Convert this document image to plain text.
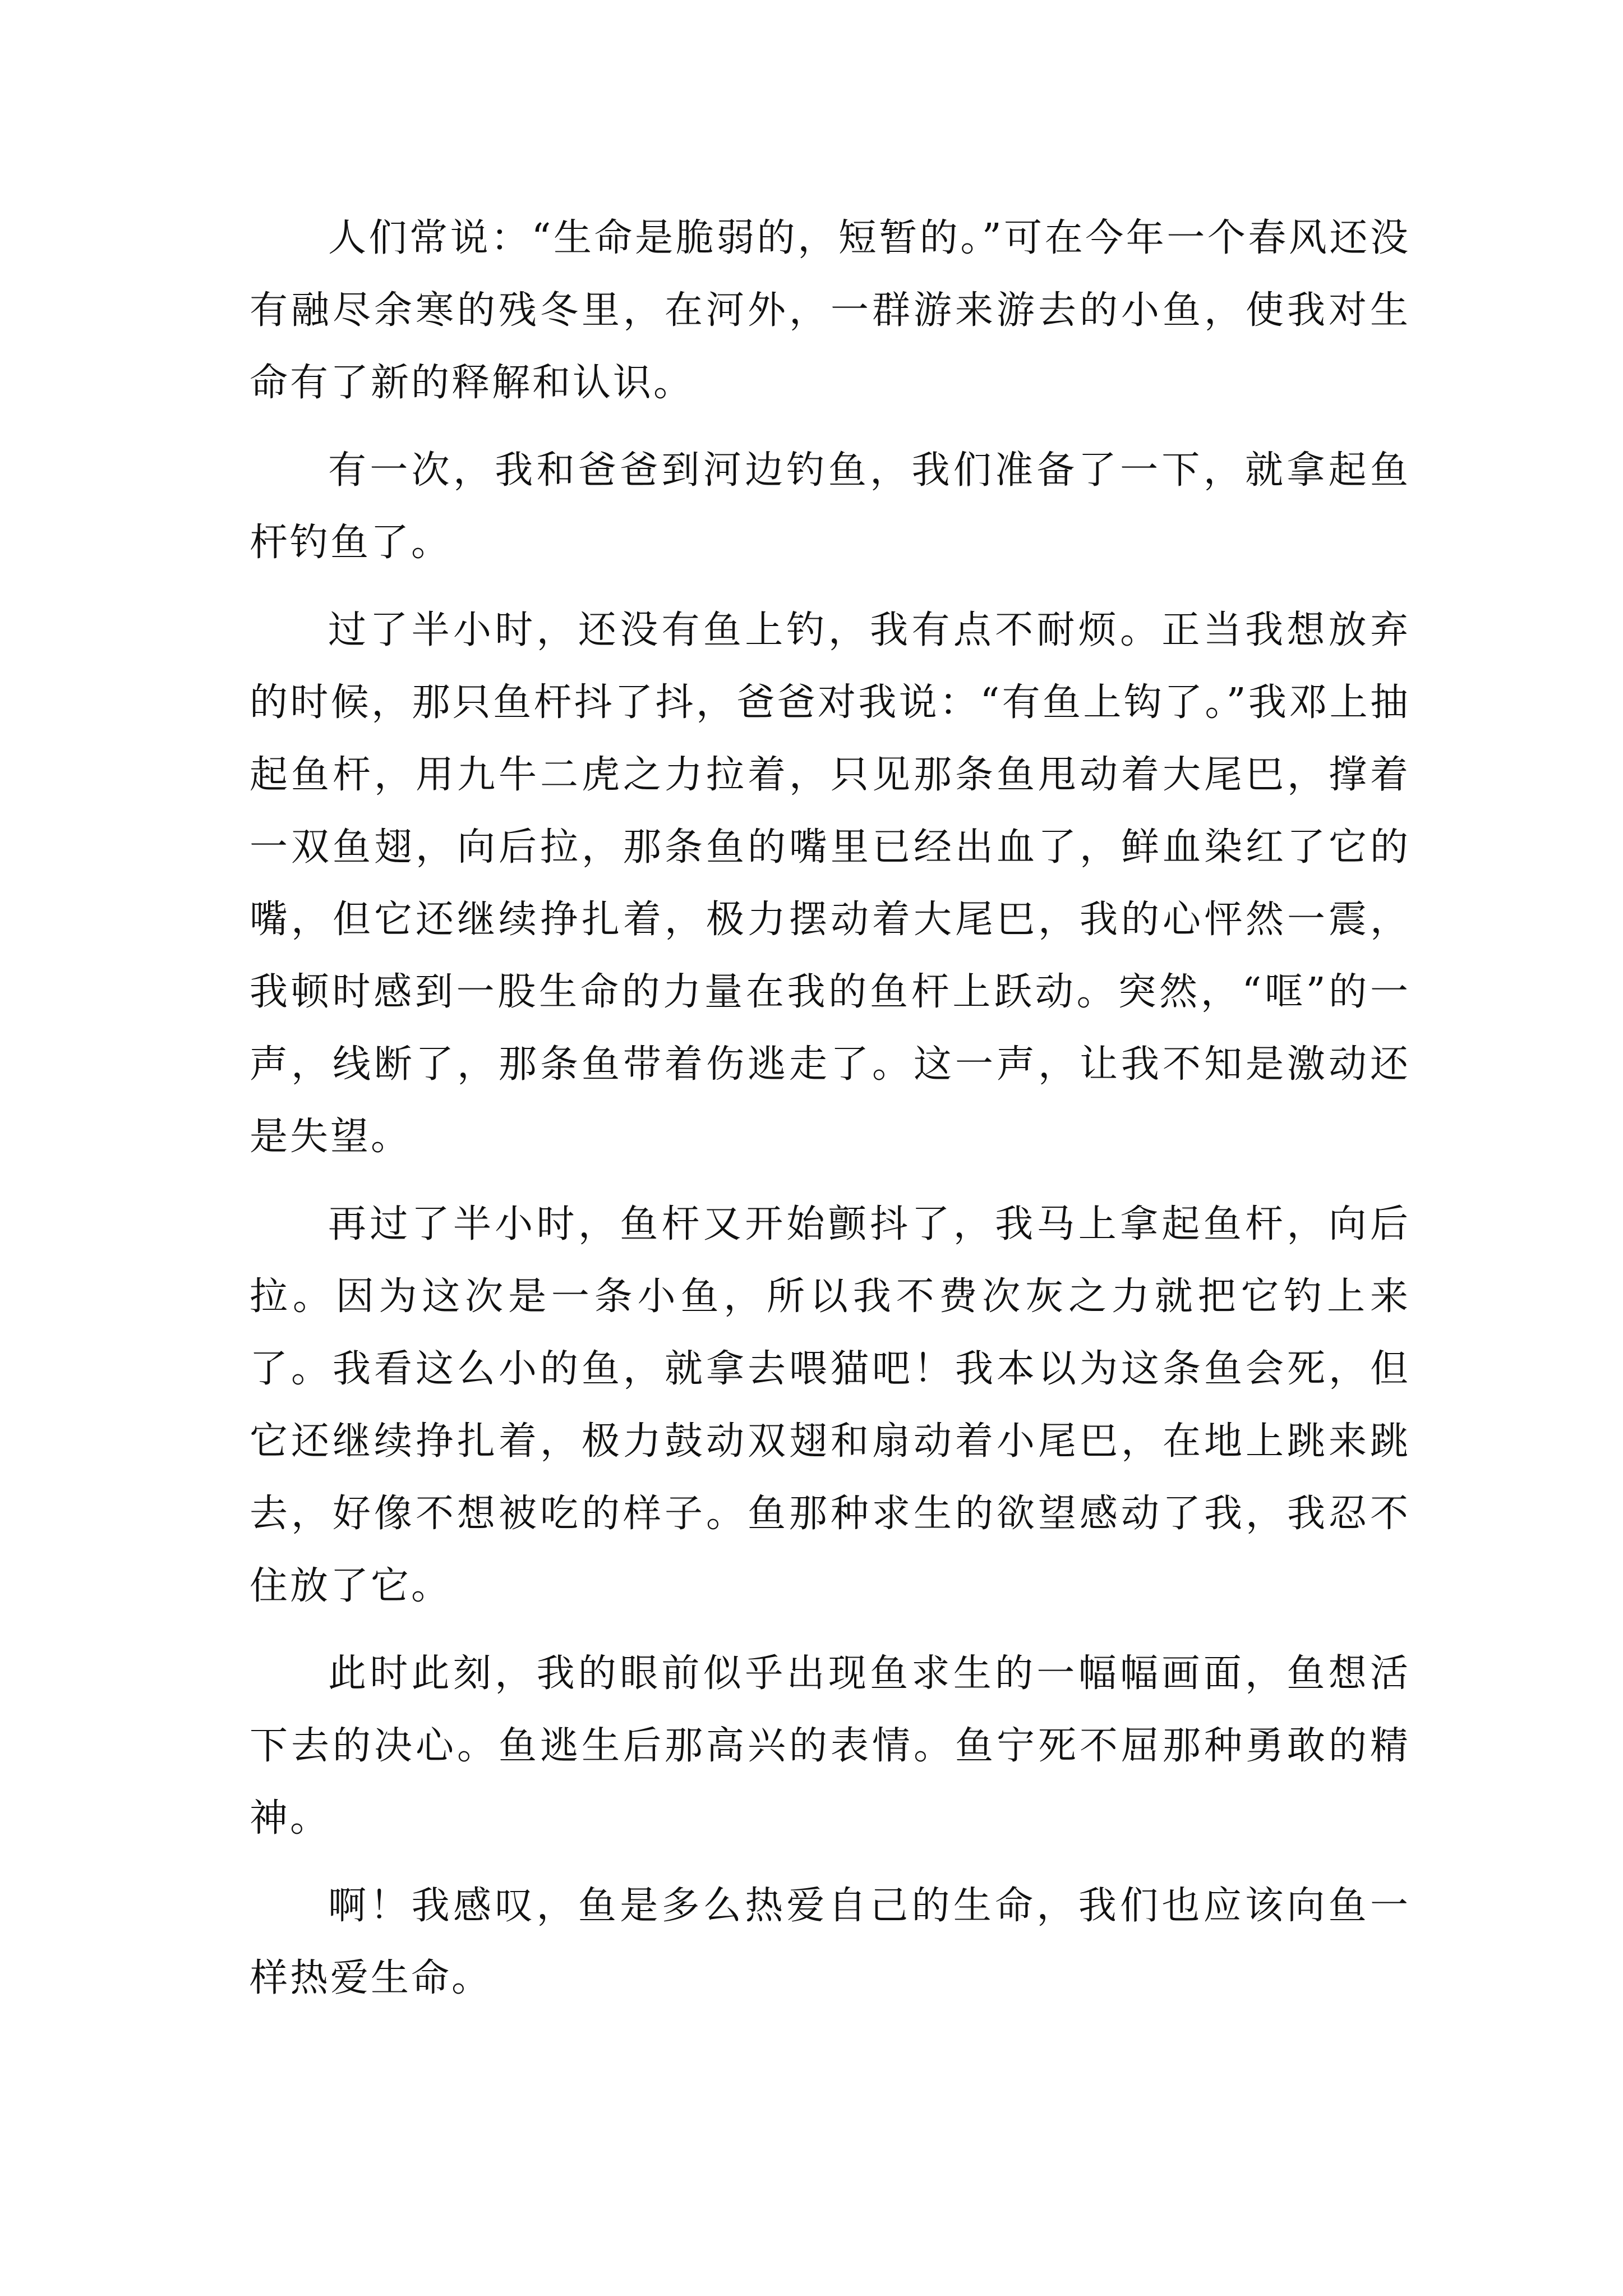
人们常说：“生命是脆弱的，短暂的。”可在今年一个春风还没有融尽余寒的残冬里，在河外，一群游来游去的小鱼，使我对生命有了新的释解和认识。

有一次，我和爸爸到河边钓鱼，我们准备了一下，就拿起鱼杆钓鱼了。

过了半小时，还没有鱼上钓，我有点不耐烦。正当我想放弃的时候，那只鱼杆抖了抖，爸爸对我说：“有鱼上钩了。”我邓上抽起鱼杆，用九牛二虎之力拉着，只见那条鱼甩动着大尾巴，撑着一双鱼翅，向后拉，那条鱼的嘴里已经出血了，鲜血染红了它的嘴，但它还继续挣扎着，极力摆动着大尾巴，我的心怦然一震，我顿时感到一股生命的力量在我的鱼杆上跃动。突然，“哐”的一声，线断了，那条鱼带着伤逃走了。这一声，让我不知是激动还是失望。

再过了半小时，鱼杆又开始颤抖了，我马上拿起鱼杆，向后拉。因为这次是一条小鱼，所以我不费次灰之力就把它钓上来了。我看这么小的鱼，就拿去喂猫吧！我本以为这条鱼会死，但它还继续挣扎着，极力鼓动双翅和扇动着小尾巴，在地上跳来跳去，好像不想被吃的样子。鱼那种求生的欲望感动了我，我忍不住放了它。

此时此刻，我的眼前似乎出现鱼求生的一幅幅画面，鱼想活下去的决心。鱼逃生后那高兴的表情。鱼宁死不屈那种勇敢的精神。

啊！我感叹，鱼是多么热爱自己的生命，我们也应该向鱼一样热爱生命。
